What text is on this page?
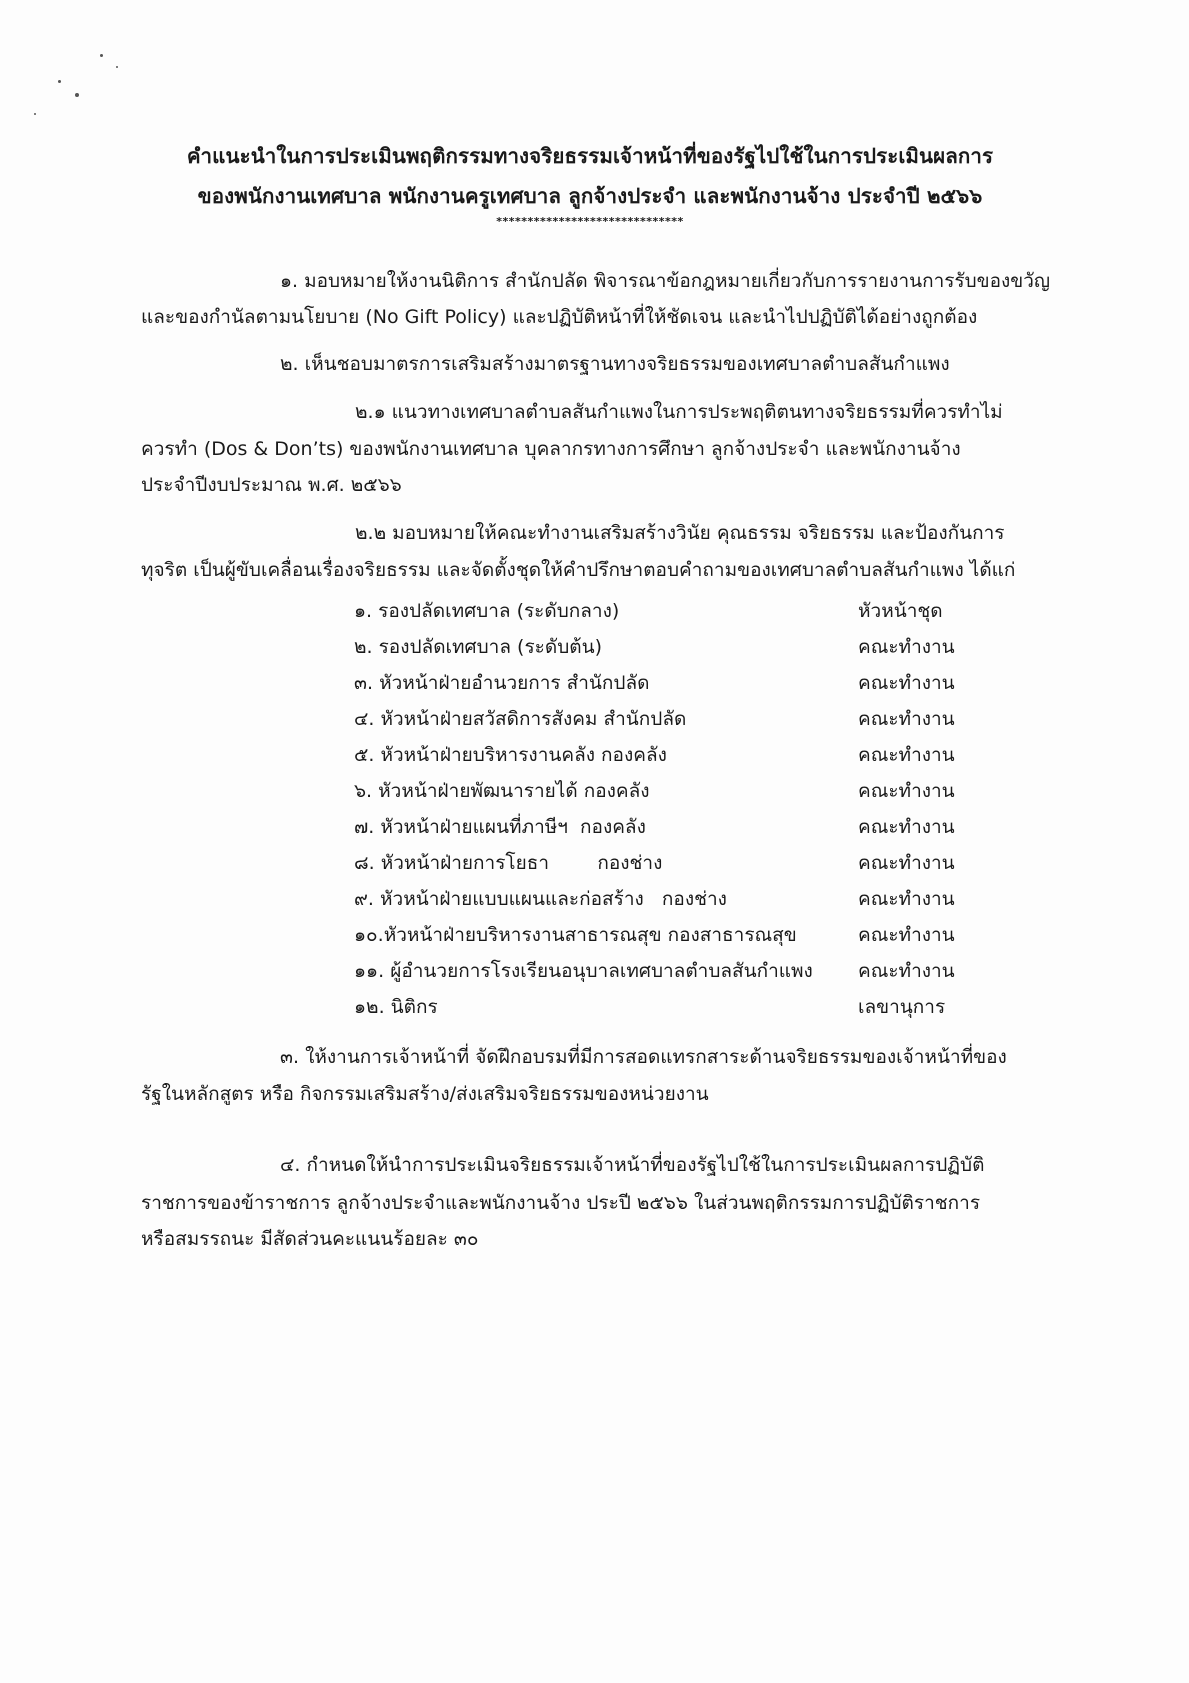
คำแนะนำในการประเมินพฤติกรรมทางจริยธรรมเจ้าหน้าที่ของรัฐไปใช้ในการประเมินผลการ
ของพนักงานเทศบาล พนักงานครูเทศบาล ลูกจ้างประจำ และพนักงานจ้าง ประจำปี ๒๕๖๖
******************************
๑. มอบหมายให้งานนิติการ สำนักปลัด พิจารณาข้อกฎหมายเกี่ยวกับการรายงานการรับของขวัญ
และของกำนัลตามนโยบาย (No Gift Policy) และปฏิบัติหน้าที่ให้ชัดเจน และนำไปปฏิบัติได้อย่างถูกต้อง
๒. เห็นชอบมาตรการเสริมสร้างมาตรฐานทางจริยธรรมของเทศบาลตำบลสันกำแพง
๒.๑ แนวทางเทศบาลตำบลสันกำแพงในการประพฤติตนทางจริยธรรมที่ควรทำไม่
ควรทำ (Dos & Don’ts) ของพนักงานเทศบาล บุคลากรทางการศึกษา ลูกจ้างประจำ และพนักงานจ้าง
ประจำปีงบประมาณ พ.ศ. ๒๕๖๖
๒.๒ มอบหมายให้คณะทำงานเสริมสร้างวินัย คุณธรรม จริยธรรม และป้องกันการ
ทุจริต เป็นผู้ขับเคลื่อนเรื่องจริยธรรม และจัดตั้งชุดให้คำปรึกษาตอบคำถามของเทศบาลตำบลสันกำแพง ได้แก่
๑. รองปลัดเทศบาล (ระดับกลาง)	หัวหน้าชุด
๒. รองปลัดเทศบาล (ระดับต้น)	คณะทำงาน
๓. หัวหน้าฝ่ายอำนวยการ สำนักปลัด	คณะทำงาน
๔. หัวหน้าฝ่ายสวัสดิการสังคม สำนักปลัด	คณะทำงาน
๕. หัวหน้าฝ่ายบริหารงานคลัง กองคลัง	คณะทำงาน
๖. หัวหน้าฝ่ายพัฒนารายได้ กองคลัง	คณะทำงาน
๗. หัวหน้าฝ่ายแผนที่ภาษีฯ  กองคลัง	คณะทำงาน
๘. หัวหน้าฝ่ายการโยธา        กองช่าง	คณะทำงาน
๙. หัวหน้าฝ่ายแบบแผนและก่อสร้าง   กองช่าง	คณะทำงาน
๑๐.หัวหน้าฝ่ายบริหารงานสาธารณสุข กองสาธารณสุข	คณะทำงาน
๑๑. ผู้อำนวยการโรงเรียนอนุบาลเทศบาลตำบลสันกำแพง คณะทำงาน
๑๒. นิติกร	เลขานุการ
๓. ให้งานการเจ้าหน้าที่ จัดฝึกอบรมที่มีการสอดแทรกสาระด้านจริยธรรมของเจ้าหน้าที่ของ
รัฐในหลักสูตร หรือ กิจกรรมเสริมสร้าง/ส่งเสริมจริยธรรมของหน่วยงาน
๔. กำหนดให้นำการประเมินจริยธรรมเจ้าหน้าที่ของรัฐไปใช้ในการประเมินผลการปฏิบัติ
ราชการของข้าราชการ ลูกจ้างประจำและพนักงานจ้าง ประปี ๒๕๖๖ ในส่วนพฤติกรรมการปฏิบัติราชการ
หรือสมรรถนะ มีสัดส่วนคะแนนร้อยละ ๓๐
